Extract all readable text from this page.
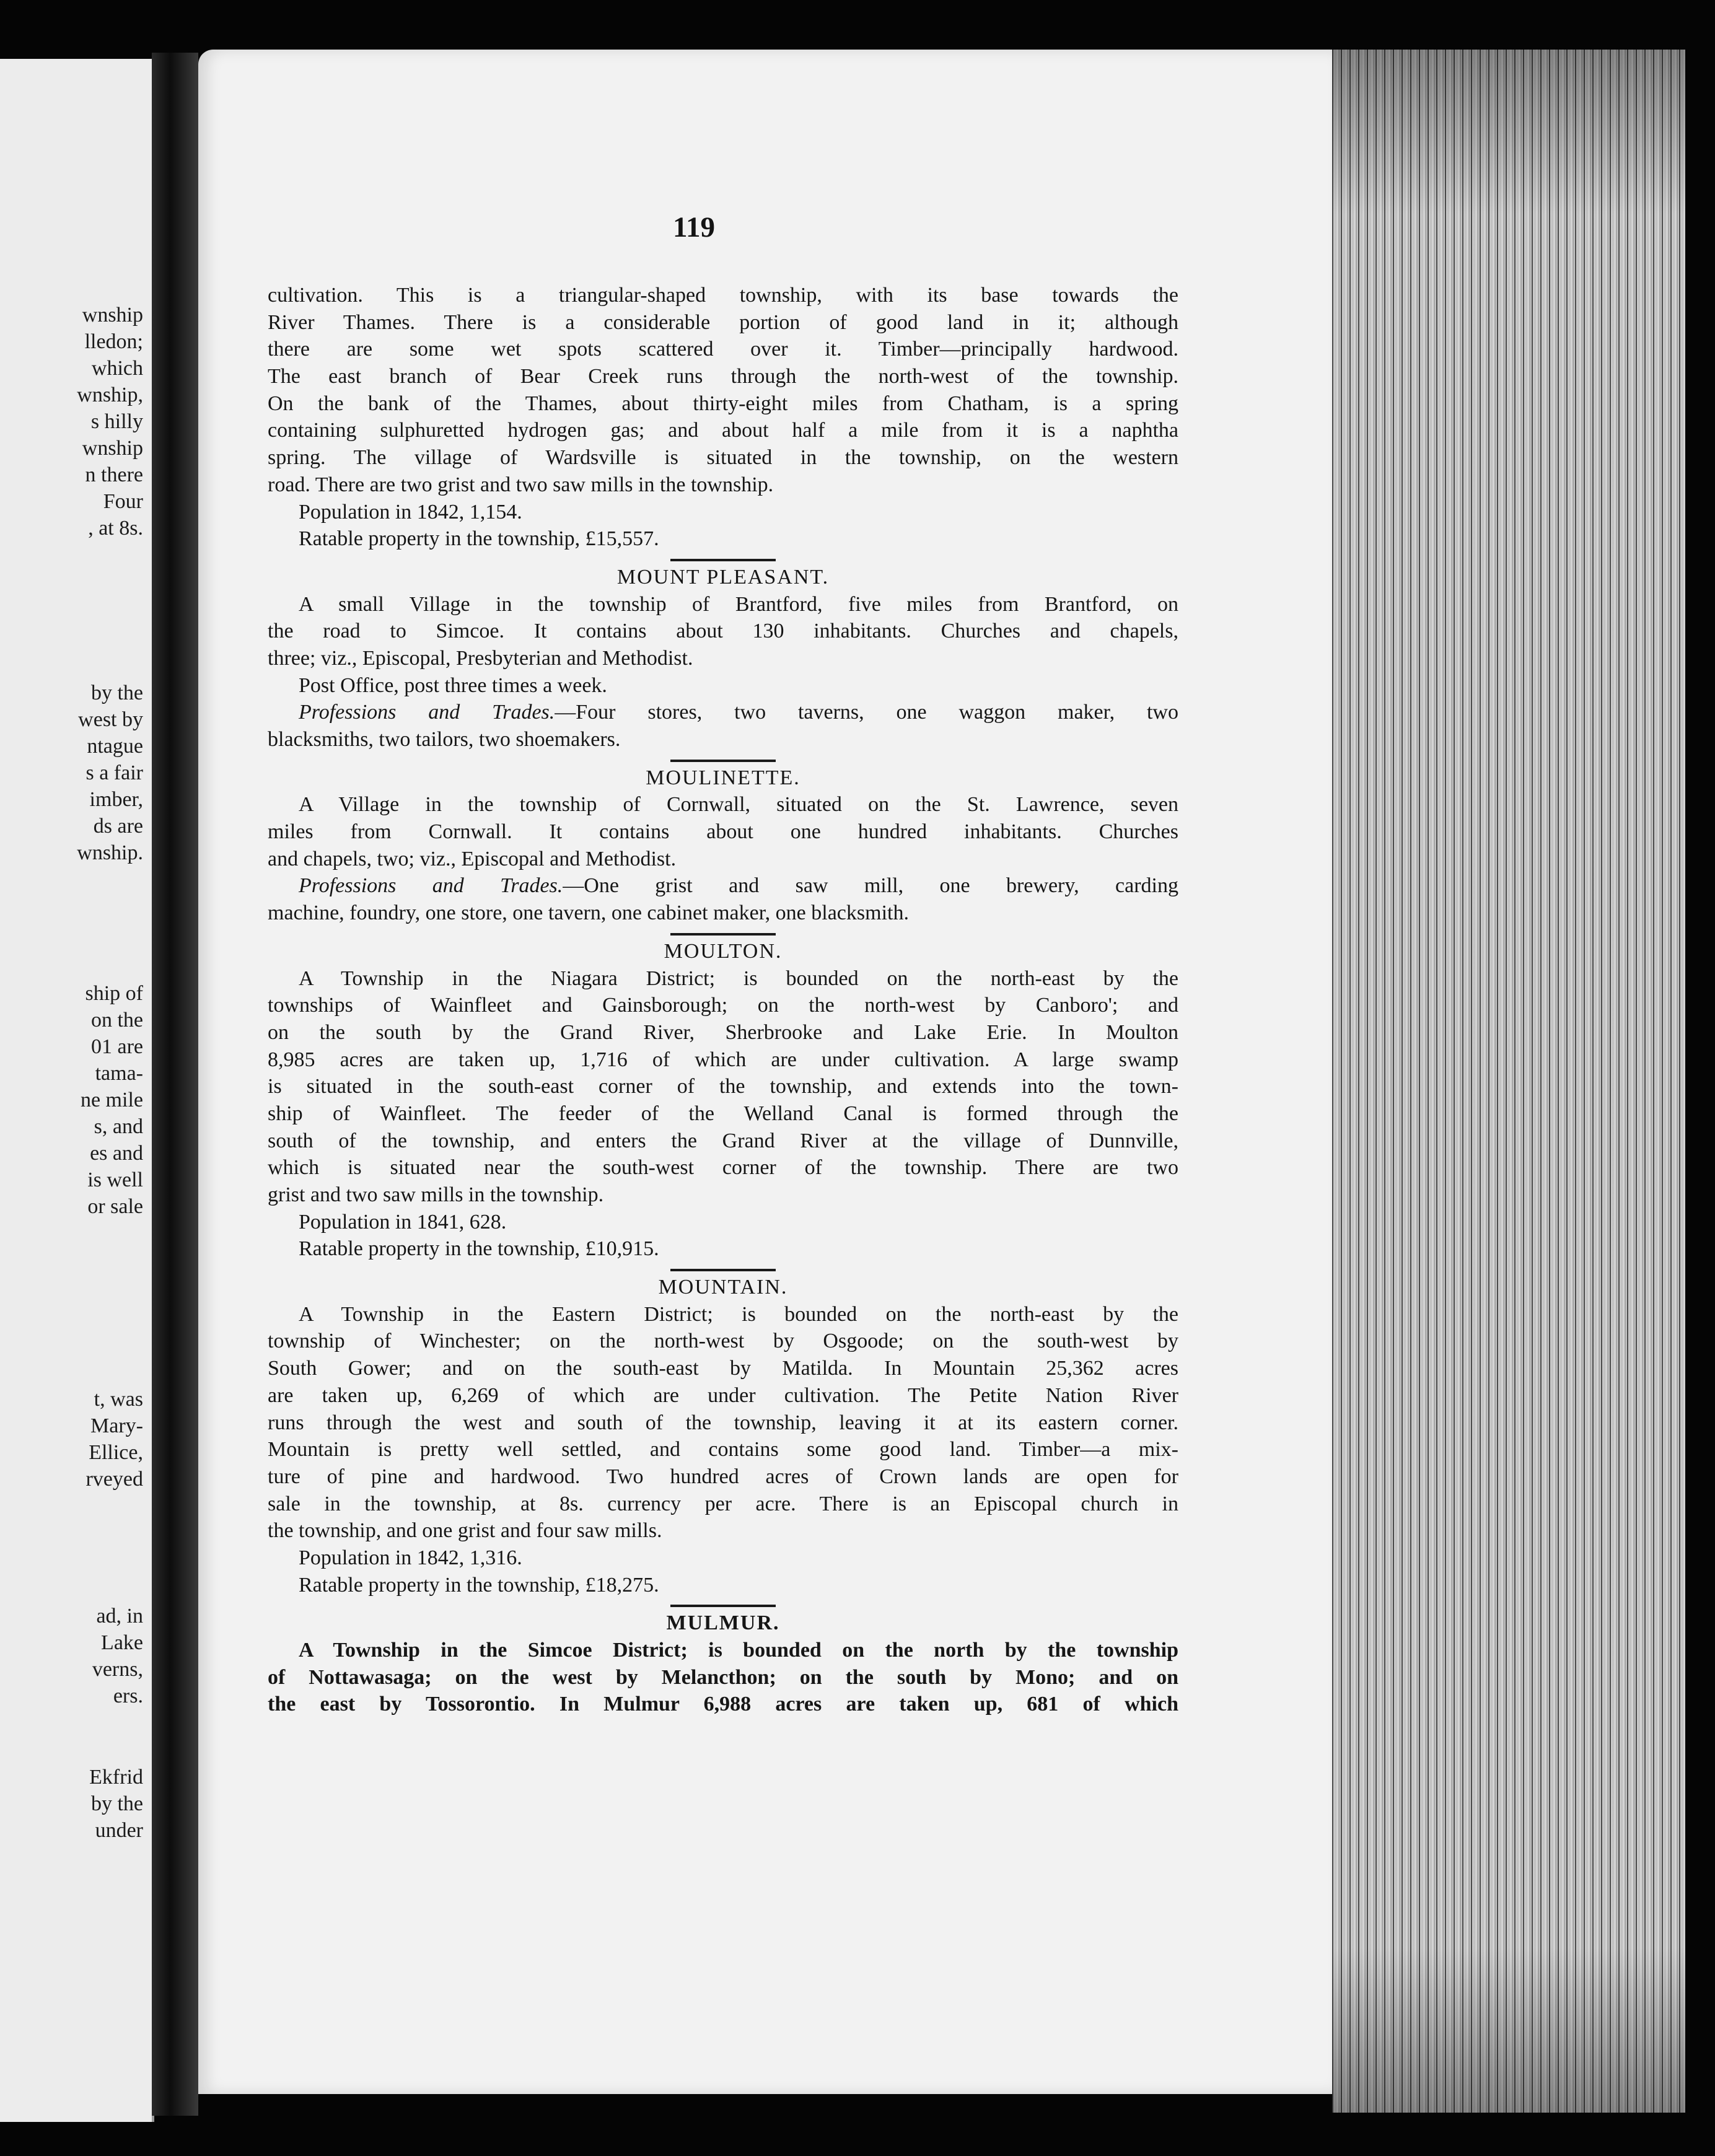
wnship
lledon;
which
wnship,
s hilly
wnship
n there
Four
, at 8s.
by the
west by
ntague
s a fair
imber,
ds are
wnship.
ship of
on the
01 are
tama-
ne mile
s, and
es and
is well
or sale
t, was
Mary-
Ellice,
rveyed
ad, in
Lake
verns,
ers.
Ekfrid
by the
under
119
cultivation. This is a triangular-shaped township, with its base towards the
River Thames. There is a considerable portion of good land in it; although
there are some wet spots scattered over it. Timber—principally hardwood.
The east branch of Bear Creek runs through the north-west of the township.
On the bank of the Thames, about thirty-eight miles from Chatham, is a spring
containing sulphuretted hydrogen gas; and about half a mile from it is a naphtha
spring. The village of Wardsville is situated in the township, on the western
road. There are two grist and two saw mills in the township.
Population in 1842, 1,154.
Ratable property in the township, £15,557.
MOUNT PLEASANT.
A small Village in the township of Brantford, five miles from Brantford, on
the road to Simcoe. It contains about 130 inhabitants. Churches and chapels,
three; viz., Episcopal, Presbyterian and Methodist.
Post Office, post three times a week.
Professions and Trades.—Four stores, two taverns, one waggon maker, two
blacksmiths, two tailors, two shoemakers.
MOULINETTE.
A Village in the township of Cornwall, situated on the St. Lawrence, seven
miles from Cornwall. It contains about one hundred inhabitants. Churches
and chapels, two; viz., Episcopal and Methodist.
Professions and Trades.—One grist and saw mill, one brewery, carding
machine, foundry, one store, one tavern, one cabinet maker, one blacksmith.
MOULTON.
A Township in the Niagara District; is bounded on the north-east by the
townships of Wainfleet and Gainsborough; on the north-west by Canboro'; and
on the south by the Grand River, Sherbrooke and Lake Erie. In Moulton
8,985 acres are taken up, 1,716 of which are under cultivation. A large swamp
is situated in the south-east corner of the township, and extends into the town-
ship of Wainfleet. The feeder of the Welland Canal is formed through the
south of the township, and enters the Grand River at the village of Dunnville,
which is situated near the south-west corner of the township. There are two
grist and two saw mills in the township.
Population in 1841, 628.
Ratable property in the township, £10,915.
MOUNTAIN.
A Township in the Eastern District; is bounded on the north-east by the
township of Winchester; on the north-west by Osgoode; on the south-west by
South Gower; and on the south-east by Matilda. In Mountain 25,362 acres
are taken up, 6,269 of which are under cultivation. The Petite Nation River
runs through the west and south of the township, leaving it at its eastern corner.
Mountain is pretty well settled, and contains some good land. Timber—a mix-
ture of pine and hardwood. Two hundred acres of Crown lands are open for
sale in the township, at 8s. currency per acre. There is an Episcopal church in
the township, and one grist and four saw mills.
Population in 1842, 1,316.
Ratable property in the township, £18,275.
MULMUR.
A Township in the Simcoe District; is bounded on the north by the township
of Nottawasaga; on the west by Melancthon; on the south by Mono; and on
the east by Tossorontio. In Mulmur 6,988 acres are taken up, 681 of which
